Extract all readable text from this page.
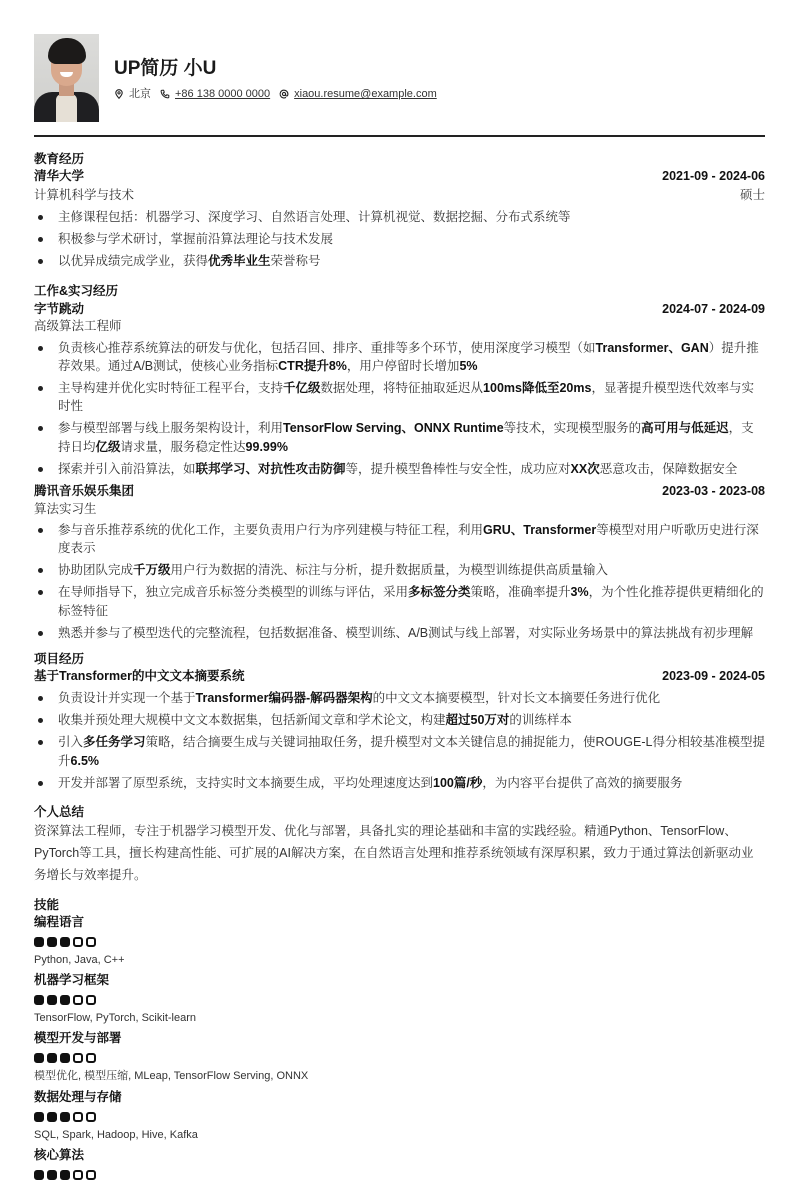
UP简历 小U
北京 +86 138 0000 0000 xiaou.resume@example.com
教育经历
清华大学	2021-09 - 2024-06
计算机科学与技术	硕士
主修课程包括：机器学习、深度学习、自然语言处理、计算机视觉、数据挖掘、分布式系统等
积极参与学术研讨，掌握前沿算法理论与技术发展
以优异成绩完成学业，获得优秀毕业生荣誉称号
工作&实习经历
字节跳动	2024-07 - 2024-09
高级算法工程师
负责核心推荐系统算法的研发与优化，包括召回、排序、重排等多个环节，使用深度学习模型（如Transformer、GAN）提升推荐效果。通过A/B测试，使核心业务指标CTR提升8%，用户停留时长增加5%
主导构建并优化实时特征工程平台，支持千亿级数据处理，将特征抽取延迟从100ms降低至20ms，显著提升模型迭代效率与实时性
参与模型部署与线上服务架构设计，利用TensorFlow Serving、ONNX Runtime等技术，实现模型服务的高可用与低延迟，支持日均亿级请求量，服务稳定性达99.99%
探索并引入前沿算法，如联邦学习、对抗性攻击防御等，提升模型鲁棒性与安全性，成功应对XX次恶意攻击，保障数据安全
腾讯音乐娱乐集团	2023-03 - 2023-08
算法实习生
参与音乐推荐系统的优化工作，主要负责用户行为序列建模与特征工程，利用GRU、Transformer等模型对用户听歌历史进行深度表示
协助团队完成千万级用户行为数据的清洗、标注与分析，提升数据质量，为模型训练提供高质量输入
在导师指导下，独立完成音乐标签分类模型的训练与评估，采用多标签分类策略，准确率提升3%，为个性化推荐提供更精细化的标签特征
熟悉并参与了模型迭代的完整流程，包括数据准备、模型训练、A/B测试与线上部署，对实际业务场景中的算法挑战有初步理解
项目经历
基于Transformer的中文文本摘要系统	2023-09 - 2024-05
负责设计并实现一个基于Transformer编码器-解码器架构的中文文本摘要模型，针对长文本摘要任务进行优化
收集并预处理大规模中文文本数据集，包括新闻文章和学术论文，构建超过50万对的训练样本
引入多任务学习策略，结合摘要生成与关键词抽取任务，提升模型对文本关键信息的捕捉能力，使ROUGE-L得分相较基准模型提升6.5%
开发并部署了原型系统，支持实时文本摘要生成，平均处理速度达到100篇/秒，为内容平台提供了高效的摘要服务
个人总结
资深算法工程师，专注于机器学习模型开发、优化与部署，具备扎实的理论基础和丰富的实践经验。精通Python、TensorFlow、PyTorch等工具，擅长构建高性能、可扩展的AI解决方案，在自然语言处理和推荐系统领域有深厚积累，致力于通过算法创新驱动业务增长与效率提升。
技能
编程语言
Python, Java, C++
机器学习框架
TensorFlow, PyTorch, Scikit-learn
模型开发与部署
模型优化, 模型压缩, MLeap, TensorFlow Serving, ONNX
数据处理与存储
SQL, Spark, Hadoop, Hive, Kafka
核心算法
